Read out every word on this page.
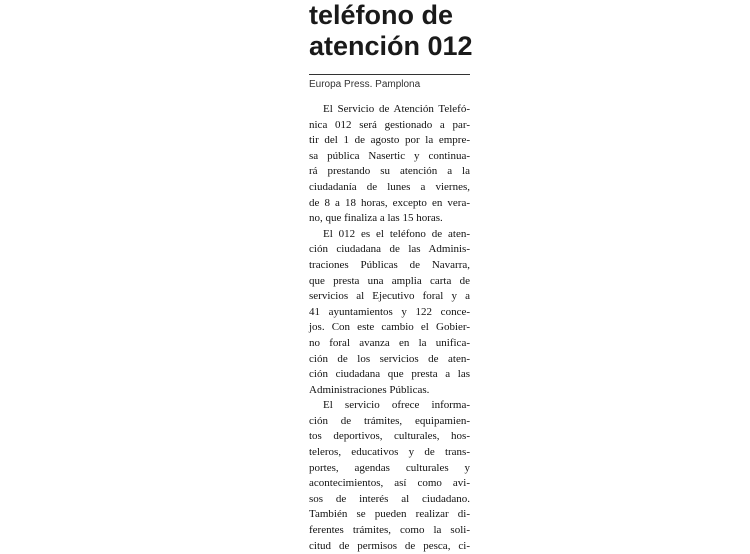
teléfono de
atención 012
Europa Press. Pamplona
El Servicio de Atención Telefó-
nica 012 será gestionado a par-
tir del 1 de agosto por la empre-
sa pública Nasertic y continua-
rá prestando su atención a la
ciudadanía de lunes a viernes,
de 8 a 18 horas, excepto en vera-
no, que finaliza a las 15 horas.
El 012 es el teléfono de aten-
ción ciudadana de las Adminis-
traciones Públicas de Navarra,
que presta una amplia carta de
servicios al Ejecutivo foral y a
41 ayuntamientos y 122 conce-
jos. Con este cambio el Gobier-
no foral avanza en la unifica-
ción de los servicios de aten-
ción ciudadana que presta a las
Administraciones Públicas.
El servicio ofrece informa-
ción de trámites, equipamien-
tos deportivos, culturales, hos-
teleros, educativos y de trans-
portes, agendas culturales y
acontecimientos, así como avi-
sos de interés al ciudadano.
También se pueden realizar di-
ferentes trámites, como la soli-
citud de permisos de pesca, ci-
